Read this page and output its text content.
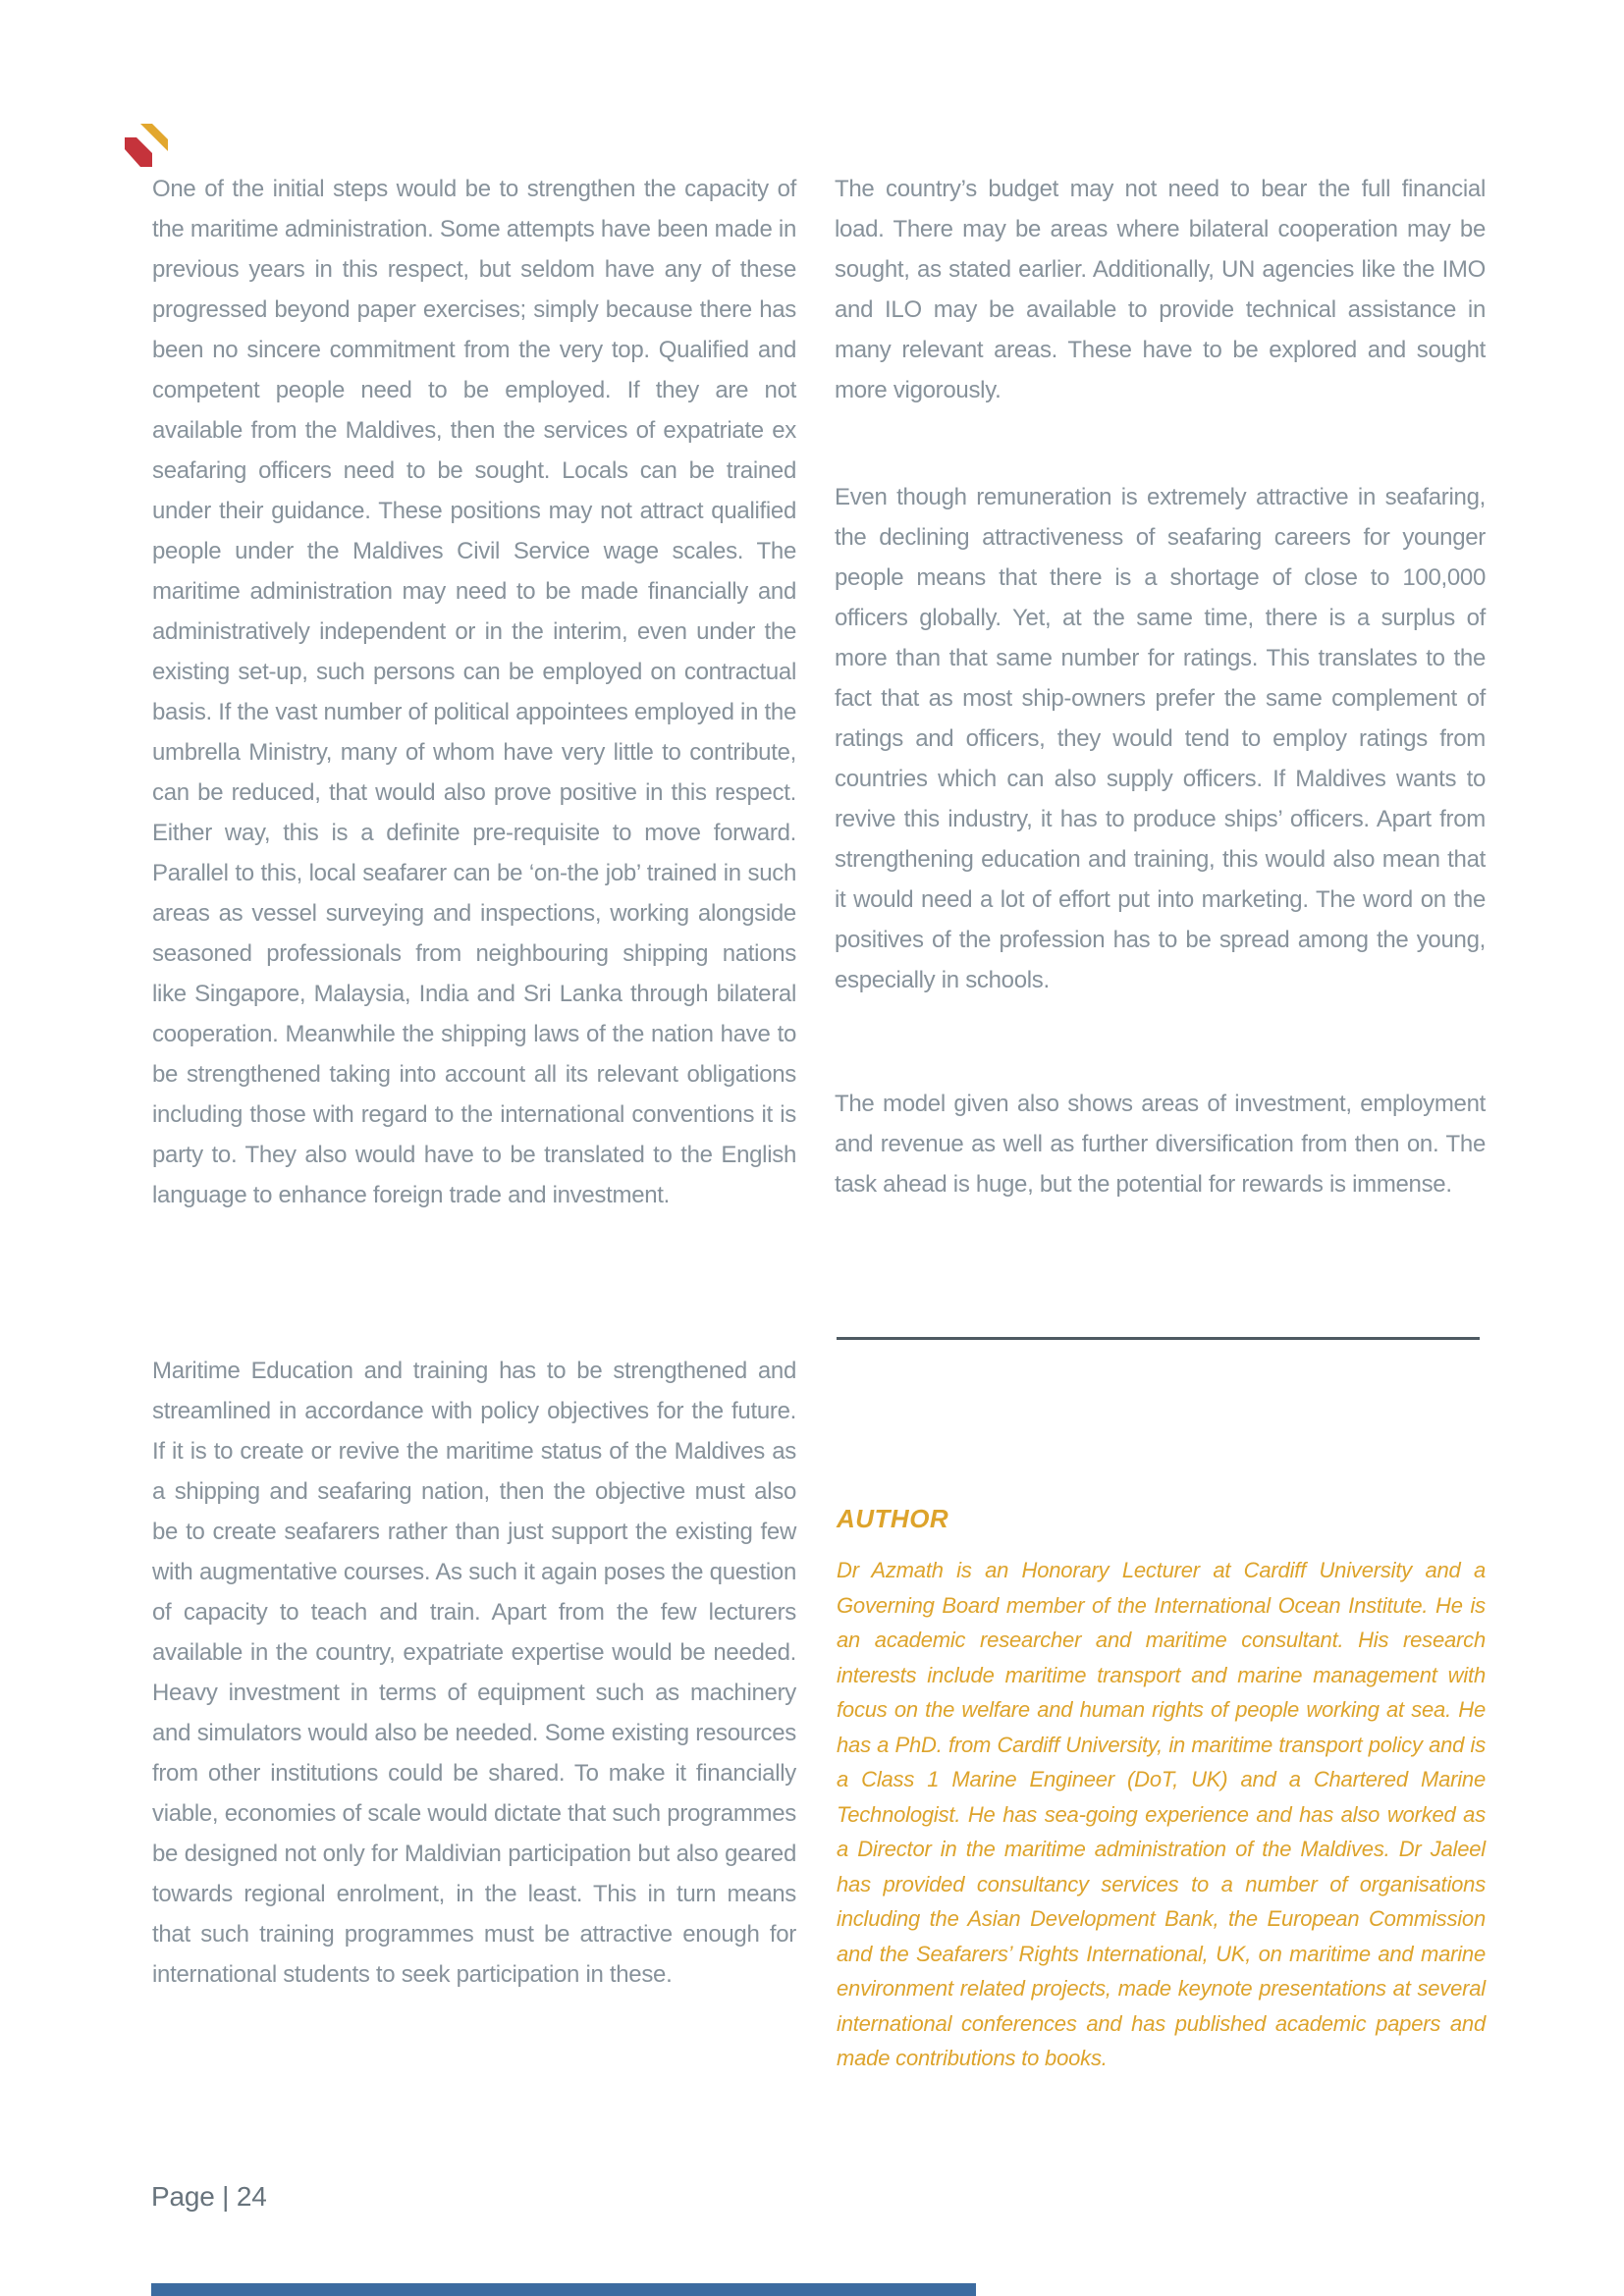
One of the initial steps would be to strengthen the capacity of the maritime administration. Some attempts have been made in previous years in this respect, but seldom have any of these progressed beyond paper exercises; simply because there has been no sincere commitment from the very top. Qualified and competent people need to be employed. If they are not available from the Maldives, then the services of expatriate ex seafaring officers need to be sought. Locals can be trained under their guidance. These positions may not attract qualified people under the Maldives Civil Service wage scales. The maritime administration may need to be made financially and administratively independent or in the interim, even under the existing set-up, such persons can be employed on contractual basis. If the vast number of political appointees employed in the umbrella Ministry, many of whom have very little to contribute, can be reduced, that would also prove positive in this respect. Either way, this is a definite pre-requisite to move forward. Parallel to this, local seafarer can be ‘on-the job’ trained in such areas as vessel surveying and inspections, working alongside seasoned professionals from neighbouring shipping nations like Singapore, Malaysia, India and Sri Lanka through bilateral cooperation. Meanwhile the shipping laws of the nation have to be strengthened taking into account all its relevant obligations including those with regard to the international conventions it is party to. They also would have to be translated to the English language to enhance foreign trade and investment.

Maritime Education and training has to be strengthened and streamlined in accordance with policy objectives for the future. If it is to create or revive the maritime status of the Maldives as a shipping and seafaring nation, then the objective must also be to create seafarers rather than just support the existing few with augmentative courses. As such it again poses the question of capacity to teach and train. Apart from the few lecturers available in the country, expatriate expertise would be needed. Heavy investment in terms of equipment such as machinery and simulators would also be needed. Some existing resources from other institutions could be shared. To make it financially viable, economies of scale would dictate that such programmes be designed not only for Maldivian participation but also geared towards regional enrolment, in the least. This in turn means that such training programmes must be attractive enough for international students to seek participation in these.

The country’s budget may not need to bear the full financial load. There may be areas where bilateral cooperation may be sought, as stated earlier. Additionally, UN agencies like the IMO and ILO may be available to provide technical assistance in many relevant areas. These have to be explored and sought more vigorously.

Even though remuneration is extremely attractive in seafaring, the declining attractiveness of seafaring careers for younger people means that there is a shortage of close to 100,000 officers globally. Yet, at the same time, there is a surplus of more than that same number for ratings. This translates to the fact that as most ship-owners prefer the same complement of ratings and officers, they would tend to employ ratings from countries which can also supply officers. If Maldives wants to revive this industry, it has to produce ships’ officers. Apart from strengthening education and training, this would also mean that it would need a lot of effort put into marketing. The word on the positives of the profession has to be spread among the young, especially in schools.

The model given also shows areas of investment, employment and revenue as well as further diversification from then on. The task ahead is huge, but the potential for rewards is immense.

AUTHOR
Dr Azmath is an Honorary Lecturer at Cardiff University and a Governing Board member of the International Ocean Institute. He is an academic researcher and maritime consultant. His research interests include maritime transport and marine management with focus on the welfare and human rights of people working at sea. He has a PhD. from Cardiff University, in maritime transport policy and is a Class 1 Marine Engineer (DoT, UK) and a Chartered Marine Technologist. He has sea-going experience and has also worked as a Director in the maritime administration of the Maldives. Dr Jaleel has provided consultancy services to a number of organisations including the Asian Development Bank, the European Commission and the Seafarers’ Rights International, UK, on maritime and marine environment related projects, made keynote presentations at several international conferences and has published academic papers and made contributions to books.
Page | 24
